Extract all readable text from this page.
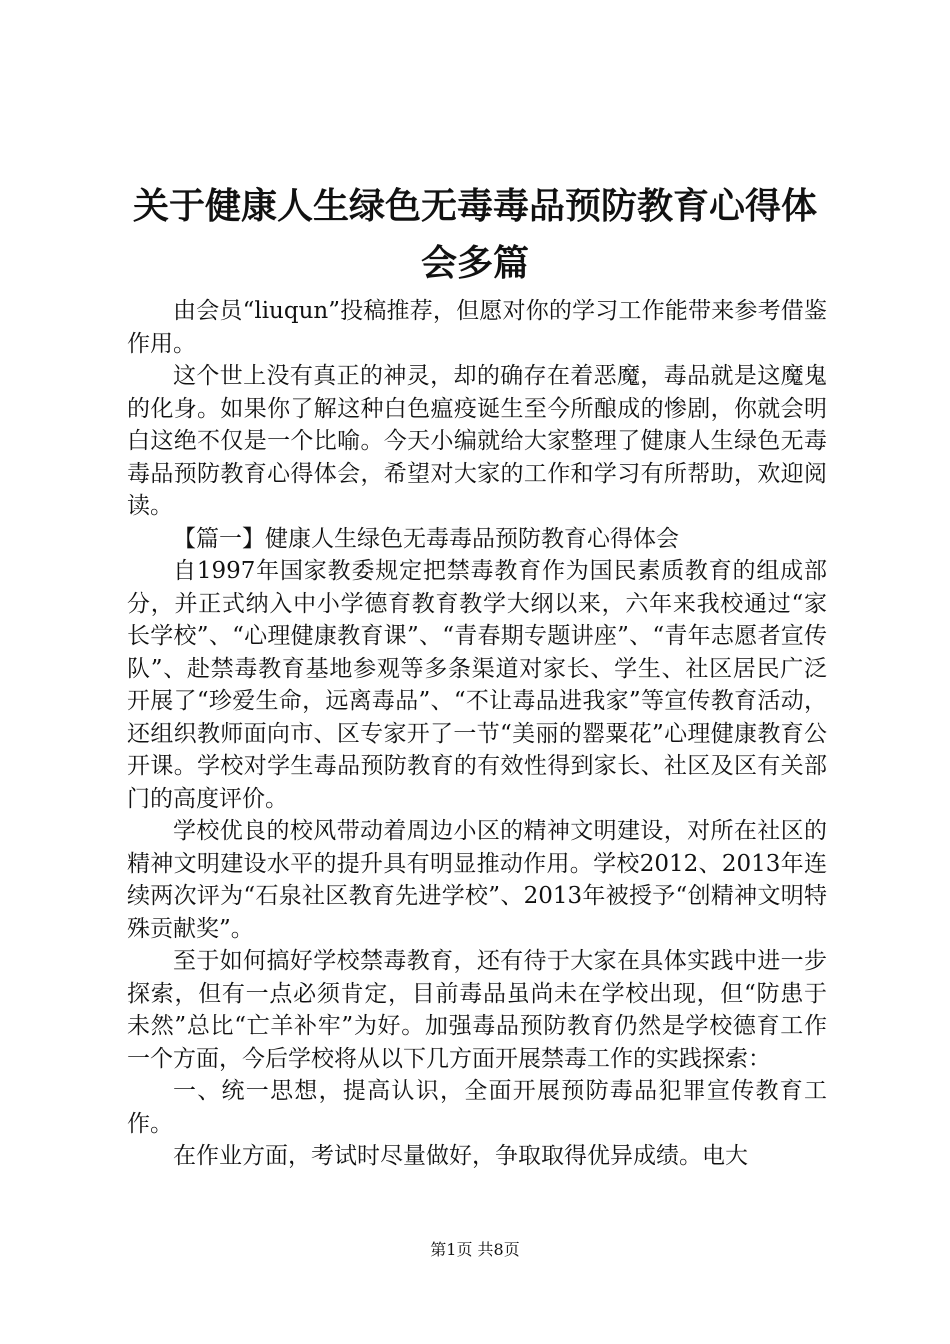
关于健康人生绿色无毒毒品预防教育心得体会多篇

由会员“liuqun”投稿推荐，但愿对你的学习工作能带来参考借鉴作用。

这个世上没有真正的神灵，却的确存在着恶魔，毒品就是这魔鬼的化身。如果你了解这种白色瘟疫诞生至今所酿成的惨剧，你就会明白这绝不仅是一个比喻。今天小编就给大家整理了健康人生绿色无毒毒品预防教育心得体会，希望对大家的工作和学习有所帮助，欢迎阅读。

【篇一】健康人生绿色无毒毒品预防教育心得体会

自1997年国家教委规定把禁毒教育作为国民素质教育的组成部分，并正式纳入中小学德育教育教学大纲以来，六年来我校通过“家长学校”、“心理健康教育课”、“青春期专题讲座”、“青年志愿者宣传队”、赴禁毒教育基地参观等多条渠道对家长、学生、社区居民广泛开展了“珍爱生命，远离毒品”、“不让毒品进我家”等宣传教育活动，还组织教师面向市、区专家开了一节“美丽的罂粟花”心理健康教育公开课。学校对学生毒品预防教育的有效性得到家长、社区及区有关部门的高度评价。

学校优良的校风带动着周边小区的精神文明建设，对所在社区的精神文明建设水平的提升具有明显推动作用。学校2012、2013年连续两次评为“石泉社区教育先进学校”、2013年被授予“创精神文明特殊贡献奖”。

至于如何搞好学校禁毒教育，还有待于大家在具体实践中进一步探索，但有一点必须肯定，目前毒品虽尚未在学校出现，但“防患于未然”总比“亡羊补牢”为好。加强毒品预防教育仍然是学校德育工作一个方面，今后学校将从以下几方面开展禁毒工作的实践探索：

一、统一思想，提高认识，全面开展预防毒品犯罪宣传教育工作。

在作业方面，考试时尽量做好，争取取得优异成绩。电大

第1页 共8页
